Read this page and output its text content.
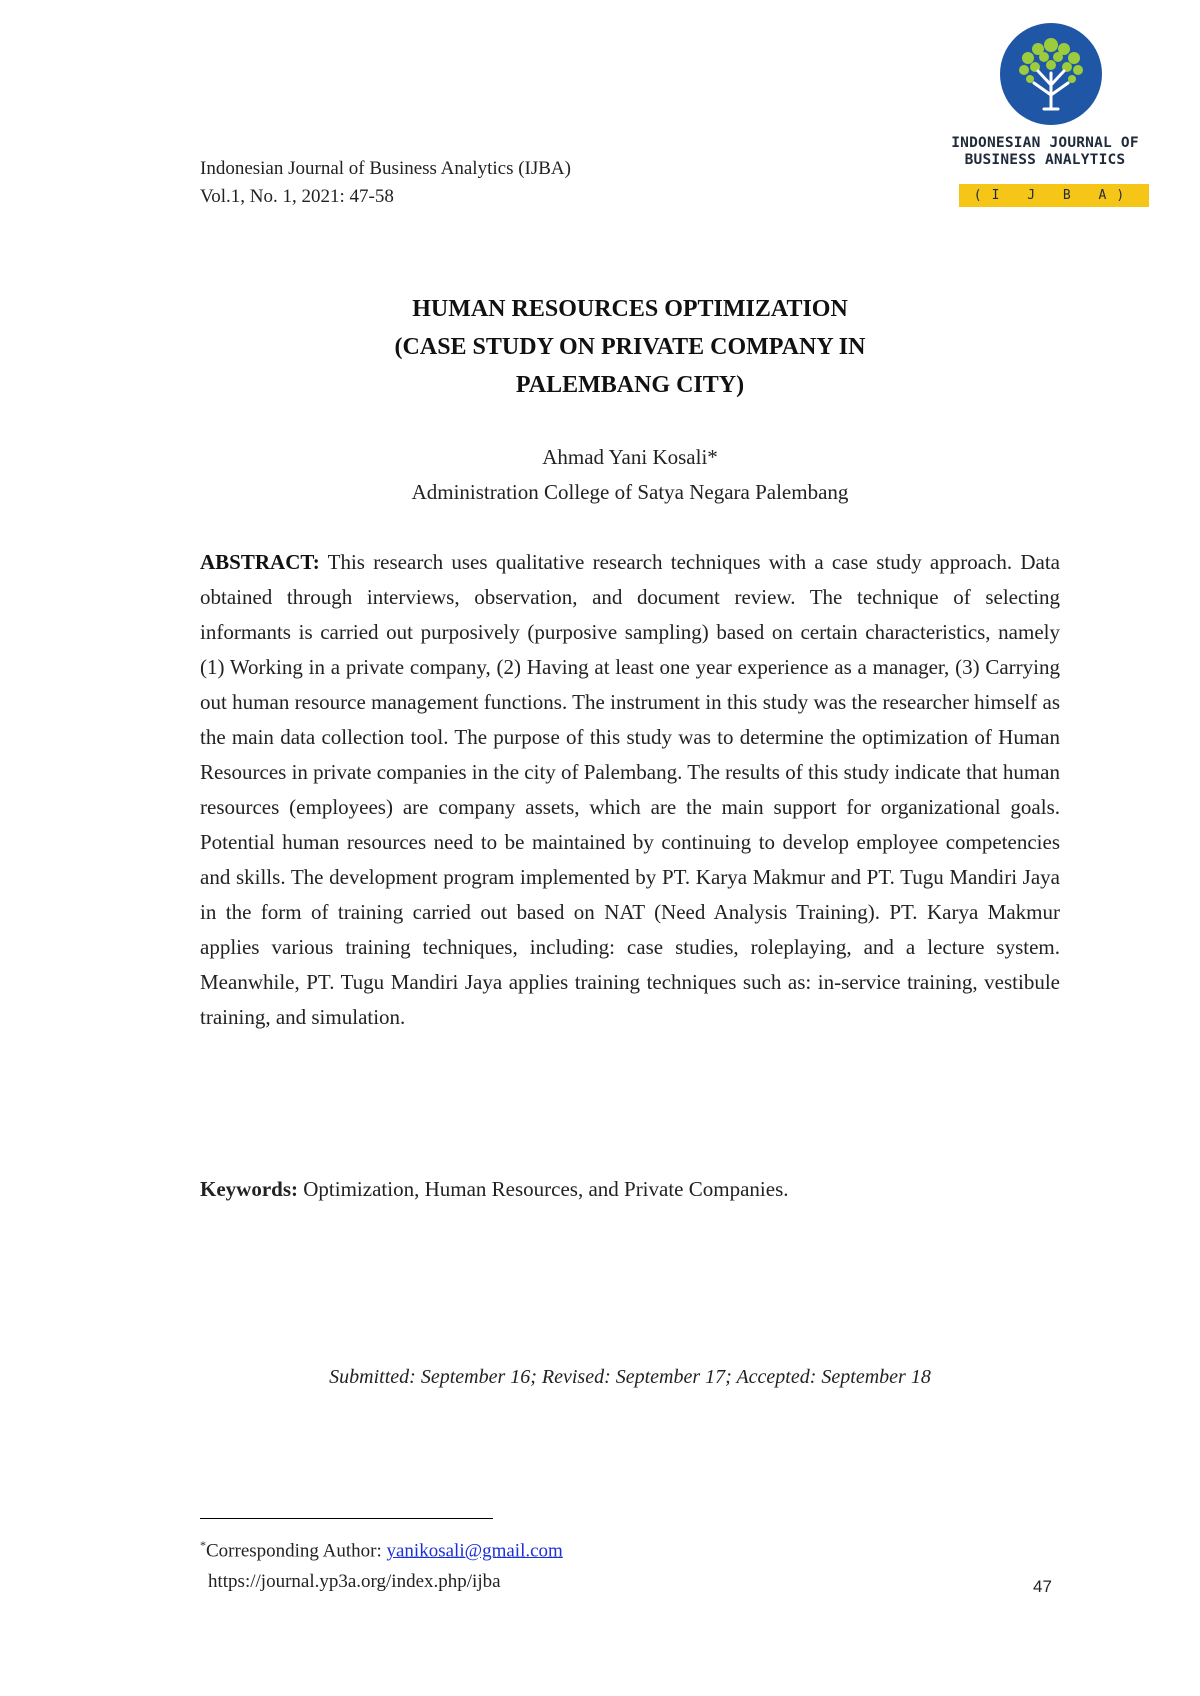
Indonesian Journal of Business Analytics (IJBA)
Vol.1, No. 1, 2021: 47-58
INDONESIAN JOURNAL OF
BUSINESS ANALYTICS
(I J B A)
HUMAN RESOURCES OPTIMIZATION
(CASE STUDY ON PRIVATE COMPANY IN
PALEMBANG CITY)
Ahmad Yani Kosali*
Administration College of Satya Negara Palembang
ABSTRACT: This research uses qualitative research techniques with a case study approach. Data obtained through interviews, observation, and document review. The technique of selecting informants is carried out purposively (purposive sampling) based on certain characteristics, namely (1) Working in a private company, (2) Having at least one year experience as a manager, (3) Carrying out human resource management functions. The instrument in this study was the researcher himself as the main data collection tool. The purpose of this study was to determine the optimization of Human Resources in private companies in the city of Palembang. The results of this study indicate that human resources (employees) are company assets, which are the main support for organizational goals. Potential human resources need to be maintained by continuing to develop employee competencies and skills. The development program implemented by PT. Karya Makmur and PT. Tugu Mandiri Jaya in the form of training carried out based on NAT (Need Analysis Training). PT. Karya Makmur applies various training techniques, including: case studies, roleplaying, and a lecture system. Meanwhile, PT. Tugu Mandiri Jaya applies training techniques such as: in-service training, vestibule training, and simulation.
Keywords: Optimization, Human Resources, and Private Companies.
Submitted: September 16; Revised: September 17; Accepted: September 18
*Corresponding Author: yanikosali@gmail.com
https://journal.yp3a.org/index.php/ijba	47
